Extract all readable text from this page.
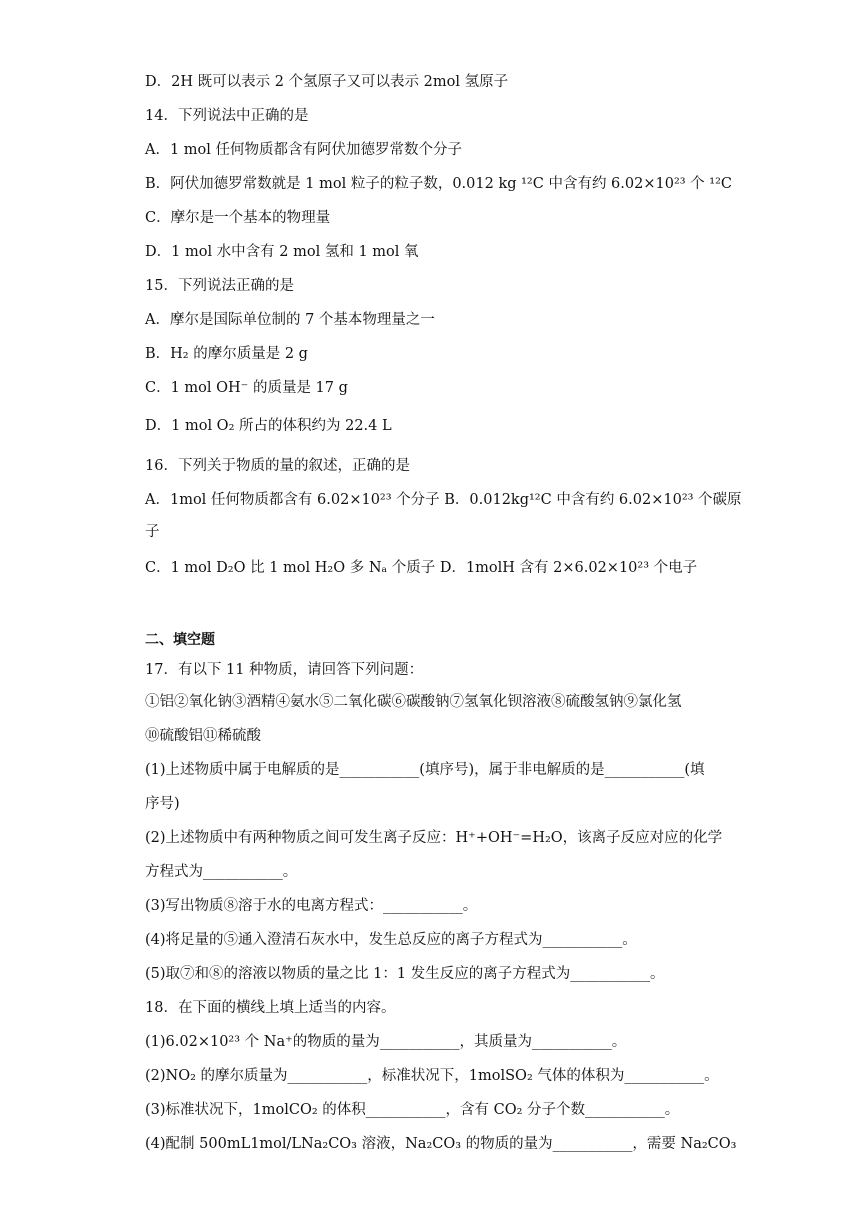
D．2H 既可以表示 2 个氢原子又可以表示 2mol 氢原子
14．下列说法中正确的是
A．1 mol 任何物质都含有阿伏加德罗常数个分子
B．阿伏加德罗常数就是 1 mol 粒子的粒子数，0.012 kg ¹²C 中含有约 6.02×10²³ 个 ¹²C
C．摩尔是一个基本的物理量
D．1 mol 水中含有 2 mol 氢和 1 mol 氧
15．下列说法正确的是
A．摩尔是国际单位制的 7 个基本物理量之一
B．H₂ 的摩尔质量是 2 g
C．1 mol OH⁻ 的质量是 17 g
D．1 mol O₂ 所占的体积约为 22.4 L
16．下列关于物质的量的叙述，正确的是
A．1mol 任何物质都含有 6.02×10²³ 个分子 B．0.012kg¹²C 中含有约 6.02×10²³ 个碳原
子
C．1 mol D₂O 比 1 mol H₂O 多 Nₐ 个质子 D．1molH 含有 2×6.02×10²³ 个电子
二、填空题
17．有以下 11 种物质，请回答下列问题：
①铝②氧化钠③酒精④氨水⑤二氧化碳⑥碳酸钠⑦氢氧化钡溶液⑧硫酸氢钠⑨氯化氢
⑩硫酸铝⑪稀硫酸
(1)上述物质中属于电解质的是___________(填序号)，属于非电解质的是___________(填
序号)
(2)上述物质中有两种物质之间可发生离子反应：H⁺+OH⁻=H₂O，该离子反应对应的化学
方程式为___________。
(3)写出物质⑧溶于水的电离方程式：___________。
(4)将足量的⑤通入澄清石灰水中，发生总反应的离子方程式为___________。
(5)取⑦和⑧的溶液以物质的量之比 1：1 发生反应的离子方程式为___________。
18．在下面的横线上填上适当的内容。
(1)6.02×10²³ 个 Na⁺的物质的量为___________，其质量为___________。
(2)NO₂ 的摩尔质量为___________，标准状况下，1molSO₂ 气体的体积为___________。
(3)标准状况下，1molCO₂ 的体积___________，含有 CO₂ 分子个数___________。
(4)配制 500mL1mol/LNa₂CO₃ 溶液，Na₂CO₃ 的物质的量为___________，需要 Na₂CO₃
